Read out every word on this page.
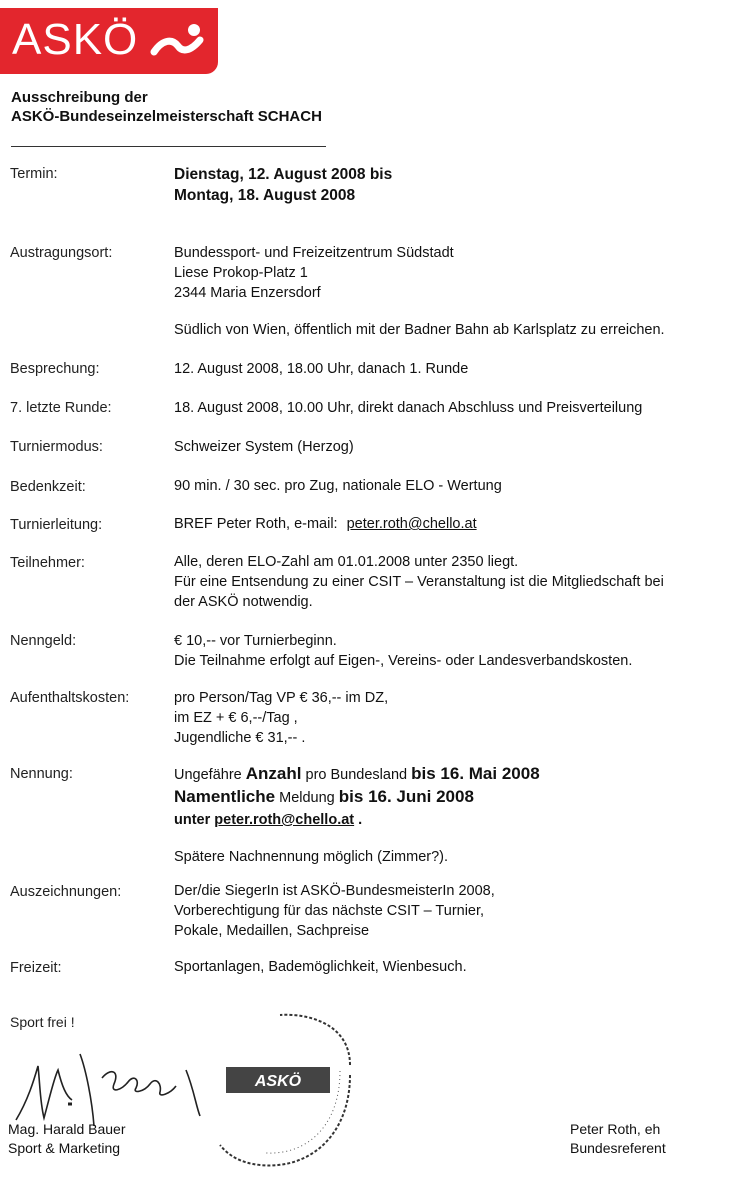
ASKÖ
Ausschreibung der
ASKÖ-Bundeseinzelmeisterschaft SCHACH
Termin:	Dienstag, 12. August 2008 bis
Montag, 18. August 2008
Austragungsort:	Bundessport- und Freizeitzentrum Südstadt
Liese Prokop-Platz 1
2344 Maria Enzersdorf
Südlich von Wien, öffentlich mit der Badner Bahn ab Karlsplatz zu erreichen.
Besprechung:	12. August 2008, 18.00 Uhr, danach 1. Runde
7. letzte Runde:	18. August 2008, 10.00 Uhr, direkt danach Abschluss und Preisverteilung
Turniermodus:	Schweizer System (Herzog)
Bedenkzeit:	90 min. / 30 sec. pro Zug, nationale ELO - Wertung
Turnierleitung:	BREF Peter Roth, e-mail: peter.roth@chello.at
Teilnehmer:	Alle, deren ELO-Zahl am 01.01.2008 unter 2350 liegt.
Für eine Entsendung zu einer CSIT – Veranstaltung ist die Mitgliedschaft bei
der ASKÖ notwendig.
Nenngeld:	€ 10,-- vor Turnierbeginn.
Die Teilnahme erfolgt auf Eigen-, Vereins- oder Landesverbandskosten.
Aufenthaltskosten:	pro Person/Tag VP € 36,-- im DZ,
im EZ + € 6,--/Tag ,
Jugendliche € 31,-- .
Nennung:	Ungefähre Anzahl pro Bundesland bis 16. Mai 2008
Namentliche Meldung bis 16. Juni 2008
unter peter.roth@chello.at .
Spätere Nachnennung möglich (Zimmer?).
Auszeichnungen:	Der/die SiegerIn ist ASKÖ-BundesmeisterIn 2008,
Vorberechtigung für das nächste CSIT – Turnier,
Pokale, Medaillen, Sachpreise
Freizeit:	Sportanlagen, Bademöglichkeit, Wienbesuch.
Sport frei !
ASKÖ
Mag. Harald Bauer
Sport & Marketing
Peter Roth, eh
Bundesreferent
